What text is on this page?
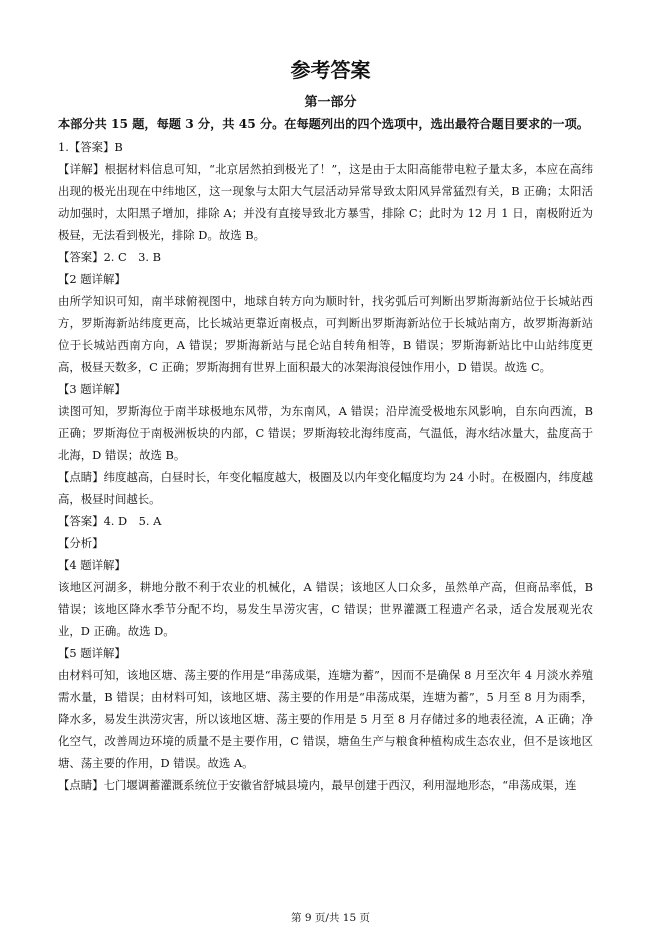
参考答案
第一部分

本部分共 15 题，每题 3 分，共 45 分。在每题列出的四个选项中，选出最符合题目要求的一项。

1.【答案】B

【详解】根据材料信息可知，“北京居然拍到极光了！”，这是由于太阳高能带电粒子量太多，本应在高纬出现的极光出现在中纬地区，这一现象与太阳大气层活动异常导致太阳风异常猛烈有关，B 正确；太阳活动加强时，太阳黑子增加，排除 A；并没有直接导致北方暴雪，排除 C；此时为 12 月 1 日，南极附近为极昼，无法看到极光，排除 D。故选 B。

【答案】2. C　3. B

【2 题详解】

由所学知识可知，南半球俯视图中，地球自转方向为顺时针，找劣弧后可判断出罗斯海新站位于长城站西方，罗斯海新站纬度更高，比长城站更靠近南极点，可判断出罗斯海新站位于长城站南方，故罗斯海新站位于长城站西南方向，A 错误；罗斯海新站与昆仑站自转角相等，B 错误；罗斯海新站比中山站纬度更高，极昼天数多，C 正确；罗斯海拥有世界上面积最大的冰架海浪侵蚀作用小，D 错误。故选 C。

【3 题详解】

读图可知，罗斯海位于南半球极地东风带，为东南风，A 错误；沿岸流受极地东风影响，自东向西流，B 正确；罗斯海位于南极洲板块的内部，C 错误；罗斯海较北海纬度高，气温低，海水结冰量大，盐度高于北海，D 错误；故选 B。

【点睛】纬度越高，白昼时长，年变化幅度越大，极圈及以内年变化幅度均为 24 小时。在极圈内，纬度越高，极昼时间越长。

【答案】4. D　5. A

【分析】

【4 题详解】

该地区河湖多，耕地分散不利于农业的机械化，A 错误；该地区人口众多，虽然单产高，但商品率低，B 错误；该地区降水季节分配不均，易发生旱涝灾害，C 错误；世界灌溉工程遗产名录，适合发展观光农业，D 正确。故选 D。

【5 题详解】

由材料可知，该地区塘、荡主要的作用是“串荡成渠，连塘为蓄”，因而不是确保 8 月至次年 4 月淡水养殖需水量，B 错误；由材料可知，该地区塘、荡主要的作用是“串荡成渠，连塘为蓄”，5 月至 8 月为雨季，降水多，易发生洪涝灾害，所以该地区塘、荡主要的作用是 5 月至 8 月存储过多的地表径流，A 正确；净化空气，改善周边环境的质量不是主要作用，C 错误，塘鱼生产与粮食种植构成生态农业，但不是该地区塘、荡主要的作用，D 错误。故选 A。

【点睛】七门堰调蓄灌溉系统位于安徽省舒城县境内，最早创建于西汉，利用湿地形态，“串荡成渠，连

第 9 页/共 15 页
